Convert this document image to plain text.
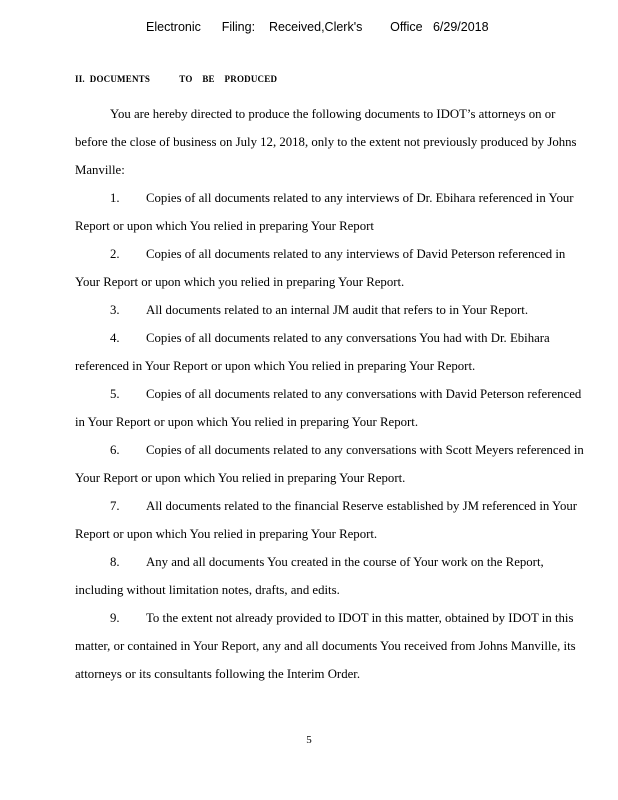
Electronic      Filing:    Received,Clerk's        Office   6/29/2018
II.  DOCUMENTS            TO    BE    PRODUCED

You are hereby directed to produce the following documents to IDOT’s attorneys on or before the close of business on July 12, 2018, only to the extent not previously produced by Johns Manville:

1. Copies of all documents related to any interviews of Dr. Ebihara referenced in Your Report or upon which You relied in preparing Your Report

2. Copies of all documents related to any interviews of David Peterson referenced in Your Report or upon which you relied in preparing Your Report.

3. All documents related to an internal JM audit that refers to in Your Report.

4. Copies of all documents related to any conversations You had with Dr. Ebihara referenced in Your Report or upon which You relied in preparing Your Report.

5. Copies of all documents related to any conversations with David Peterson referenced in Your Report or upon which You relied in preparing Your Report.

6. Copies of all documents related to any conversations with Scott Meyers referenced in Your Report or upon which You relied in preparing Your Report.

7. All documents related to the financial Reserve established by JM referenced in Your Report or upon which You relied in preparing Your Report.

8. Any and all documents You created in the course of Your work on the Report, including without limitation notes, drafts, and edits.

9. To the extent not already provided to IDOT in this matter, obtained by IDOT in this matter, or contained in Your Report, any and all documents You received from Johns Manville, its attorneys or its consultants following the Interim Order.

5
